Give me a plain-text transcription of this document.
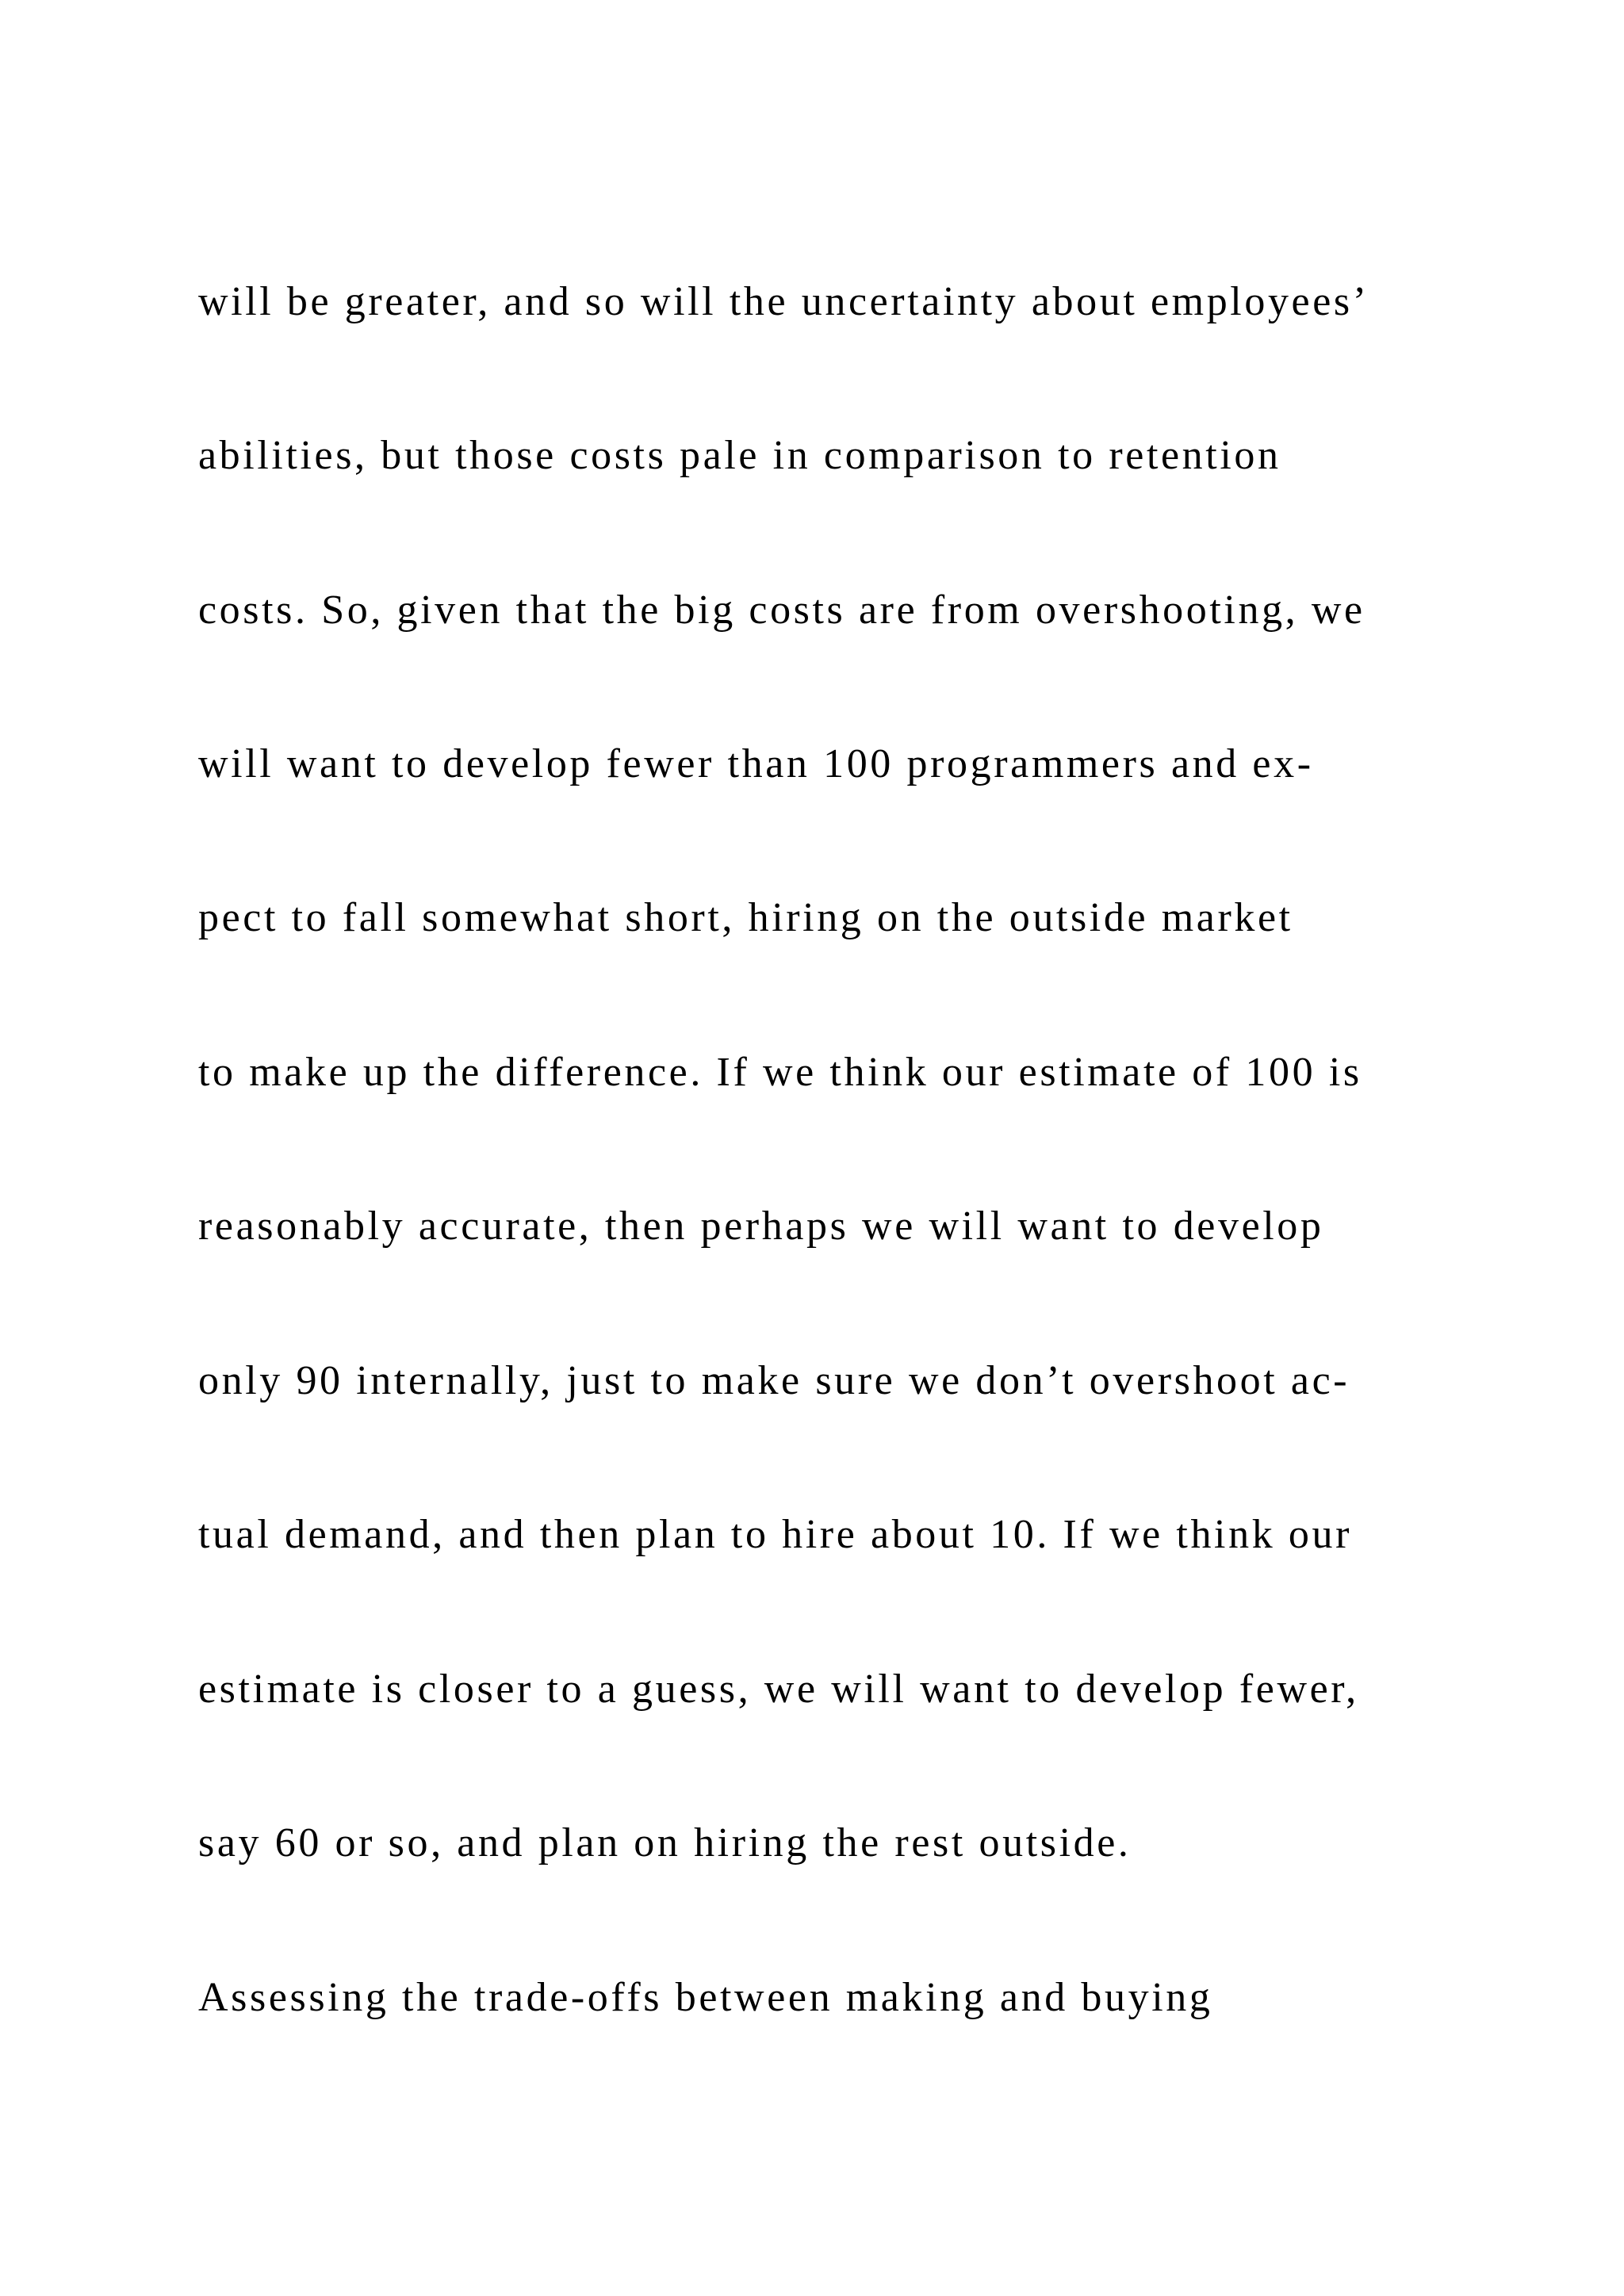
will be greater, and so will the uncertainty about employees’
abilities, but those costs pale in comparison to retention
costs. So, given that the big costs are from overshooting, we
will want to develop fewer than 100 programmers and ex-
pect to fall somewhat short, hiring on the outside market
to make up the difference. If we think our estimate of 100 is
reasonably accurate, then perhaps we will want to develop
only 90 internally, just to make sure we don’t overshoot ac-
tual demand, and then plan to hire about 10. If we think our
estimate is closer to a guess, we will want to develop fewer,
say 60 or so, and plan on hiring the rest outside.
Assessing the trade-offs between making and buying
